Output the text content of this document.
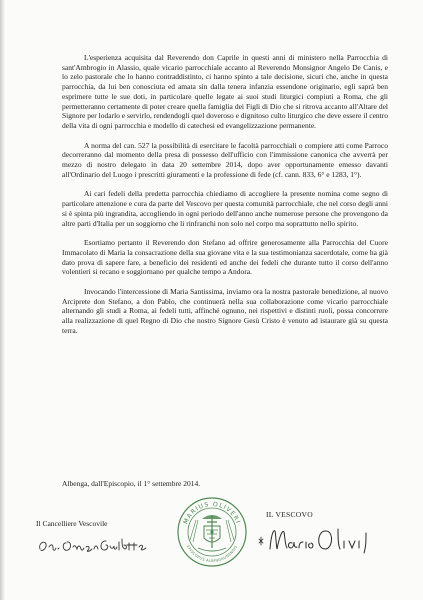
L'esperienza acquisita dal Reverendo don Caprile in questi anni di ministero nella Parrocchia di sant'Ambrogio in Alassio, quale vicario parrocchiale accanto al Reverendo Monsignor Angelo De Canis, e lo zelo pastorale che lo hanno contraddistinto, ci hanno spinto a tale decisione, sicuri che, anche in questa parrocchia, da lui ben conosciuta ed amata sin dalla tenera infanzia essendone originario, egli saprà ben esprimere tutte le sue doti, in particolare quelle legate ai suoi studi liturgici compiuti a Roma, che gli permetteranno certamente di poter creare quella famiglia dei Figli di Dio che si ritrova accanto all'Altare del Signore per lodarlo e servirlo, rendendogli quel doveroso e dignitoso culto liturgico che deve essere il centro della vita di ogni parrocchia e modello di catechesi ed evangelizzazione permanente.

A norma del can. 527 la possibilità di esercitare le facoltà parrocchiali o compiere atti come Parroco decorreranno dal momento della presa di possesso dell'ufficio con l'immissione canonica che avverrà per mezzo di nostro delegato in data 20 settembre 2014, dopo aver opportunamente emesso davanti all'Ordinario del Luogo i prescritti giuramenti e la professione di fede (cf. cann. 833, 6° e 1283, 1°).

Ai cari fedeli della predetta parrocchia chiediamo di accogliere la presente nomina come segno di particolare attenzione e cura da parte del Vescovo per questa comunità parrocchiale, che nel corso degli anni si è spinta più ingrandita, accogliendo in ogni periodo dell'anno anche numerose persone che provengono da altre parti d'Italia per un soggiorno che li rinfranchi non solo nel corpo ma soprattutto nello spirito.

Esortiamo pertanto il Reverendo don Stefano ad offrire generosamente alla Parrocchia del Cuore Immacolato di Maria la consacrazione della sua giovane vita e la sua testimonianza sacerdotale, come ha già dato prova di sapere fare, a beneficio dei residenti ed anche dei fedeli che durante tutto il corso dell'anno volentieri si recano e soggiornano per qualche tempo a Andora.

Invocando l'intercessione di Maria Santissima, inviamo ora la nostra pastorale benedizione, al nuovo Arciprete don Stefano, a don Pablo, che continuerà nella sua collaborazione come vicario parrocchiale alternando gli studi a Roma, ai fedeli tutti, affinché ognuno, nei rispettivi e distinti ruoli, possa concorrere alla realizzazione di quel Regno di Dio che nostro Signore Gesù Cristo è venuto ad istaurare già su questa terra.

Albenga, dall'Episcopio, il 1° settembre 2014.
Il Cancelliere Vescovile	MARIUS OLIVERI
EPISCOPUS ALBINGAUNENSIS
IL VESCOVO
